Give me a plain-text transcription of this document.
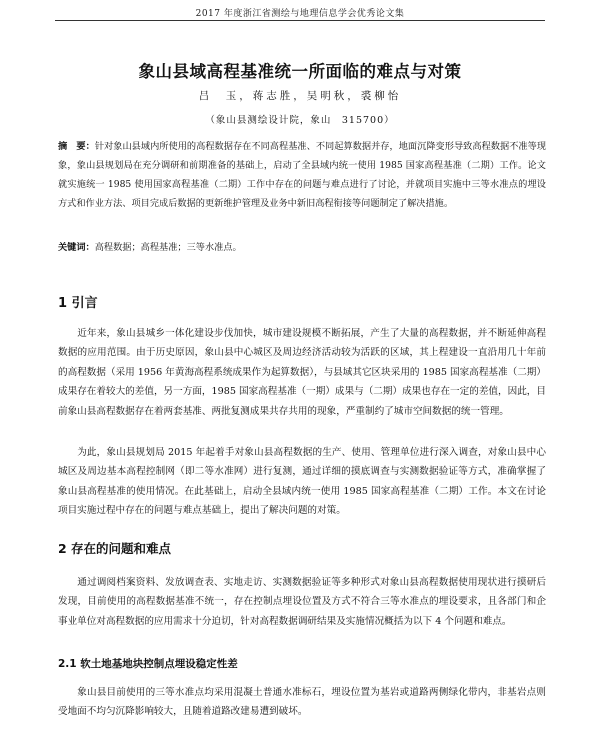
2017 年度浙江省测绘与地理信息学会优秀论文集
象山县域高程基准统一所面临的难点与对策
吕　玉，蒋志胜，吴明秋，裘柳怡
（象山县测绘设计院，象山　315700）
摘　要：针对象山县域内所使用的高程数据存在不同高程基准、不同起算数据并存，地面沉降变形导致高程数据不准等现象，象山县规划局在充分调研和前期准备的基础上，启动了全县域内统一使用 1985 国家高程基准（二期）工作。论文就实施统一 1985 使用国家高程基准（二期）工作中存在的问题与难点进行了讨论，并就项目实施中三等水准点的埋设方式和作业方法、项目完成后数据的更新维护管理及业务中新旧高程衔接等问题制定了解决措施。
关键词：高程数据；高程基准；三等水准点。
1 引言
近年来，象山县城乡一体化建设步伐加快，城市建设规模不断拓展，产生了大量的高程数据，并不断延伸高程数据的应用范围。由于历史原因，象山县中心城区及周边经济活动较为活跃的区域，其上程建设一直沿用几十年前的高程数据（采用 1956 年黄海高程系统成果作为起算数据），与县域其它区块采用的 1985 国家高程基准（二期）成果存在着较大的差值，另一方面，1985 国家高程基准（一期）成果与（二期）成果也存在一定的差值，因此，目前象山县高程数据存在着两套基准、两批复测成果共存共用的现象，严重制约了城市空间数据的统一管理。
为此，象山县规划局 2015 年起着手对象山县高程数据的生产、使用、管理单位进行深入调查，对象山县中心城区及周边基本高程控制网（即二等水准网）进行复测，通过详细的摸底调查与实测数据验证等方式，准确掌握了象山县高程基准的使用情况。在此基础上，启动全县域内统一使用 1985 国家高程基准（二期）工作。本文在讨论项目实施过程中存在的问题与难点基础上，提出了解决问题的对策。
2 存在的问题和难点
通过调阅档案资料、发放调查表、实地走访、实测数据验证等多种形式对象山县高程数据使用现状进行摸研后发现，目前使用的高程数据基准不统一，存在控制点埋设位置及方式不符合三等水准点的埋设要求，且各部门和企事业单位对高程数据的应用需求十分迫切，针对高程数据调研结果及实施情况概括为以下 4 个问题和难点。
2.1 软土地基地块控制点埋设稳定性差
象山县目前使用的三等水准点均采用混凝土普通水准标石，埋设位置为基岩或道路两侧绿化带内，非基岩点则受地面不均匀沉降影响较大，且随着道路改建易遭到破坏。
